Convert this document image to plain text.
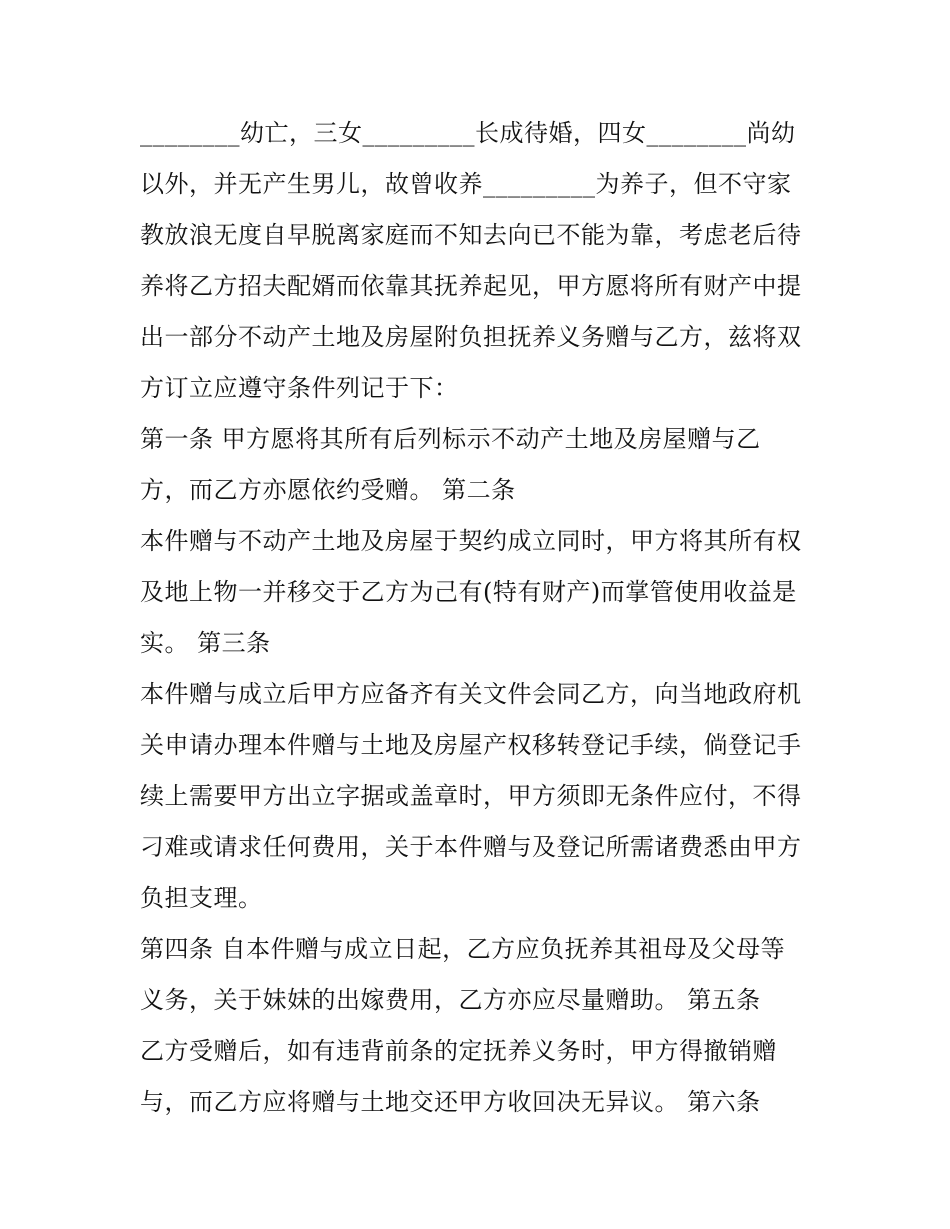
________幼亡，三女_________长成待婚，四女________尚幼
以外，并无产生男儿，故曾收养_________为养子，但不守家
教放浪无度自早脱离家庭而不知去向已不能为靠，考虑老后待
养将乙方招夫配婿而依靠其抚养起见，甲方愿将所有财产中提
出一部分不动产土地及房屋附负担抚养义务赠与乙方，兹将双
方订立应遵守条件列记于下：
第一条 甲方愿将其所有后列标示不动产土地及房屋赠与乙
方，而乙方亦愿依约受赠。 第二条
本件赠与不动产土地及房屋于契约成立同时，甲方将其所有权
及地上物一并移交于乙方为己有(特有财产)而掌管使用收益是
实。 第三条
本件赠与成立后甲方应备齐有关文件会同乙方，向当地政府机
关申请办理本件赠与土地及房屋产权移转登记手续，倘登记手
续上需要甲方出立字据或盖章时，甲方须即无条件应付，不得
刁难或请求任何费用，关于本件赠与及登记所需诸费悉由甲方
负担支理。
第四条 自本件赠与成立日起，乙方应负抚养其祖母及父母等
义务，关于妹妹的出嫁费用，乙方亦应尽量赠助。 第五条
乙方受赠后，如有违背前条的定抚养义务时，甲方得撤销赠
与，而乙方应将赠与土地交还甲方收回决无异议。 第六条
